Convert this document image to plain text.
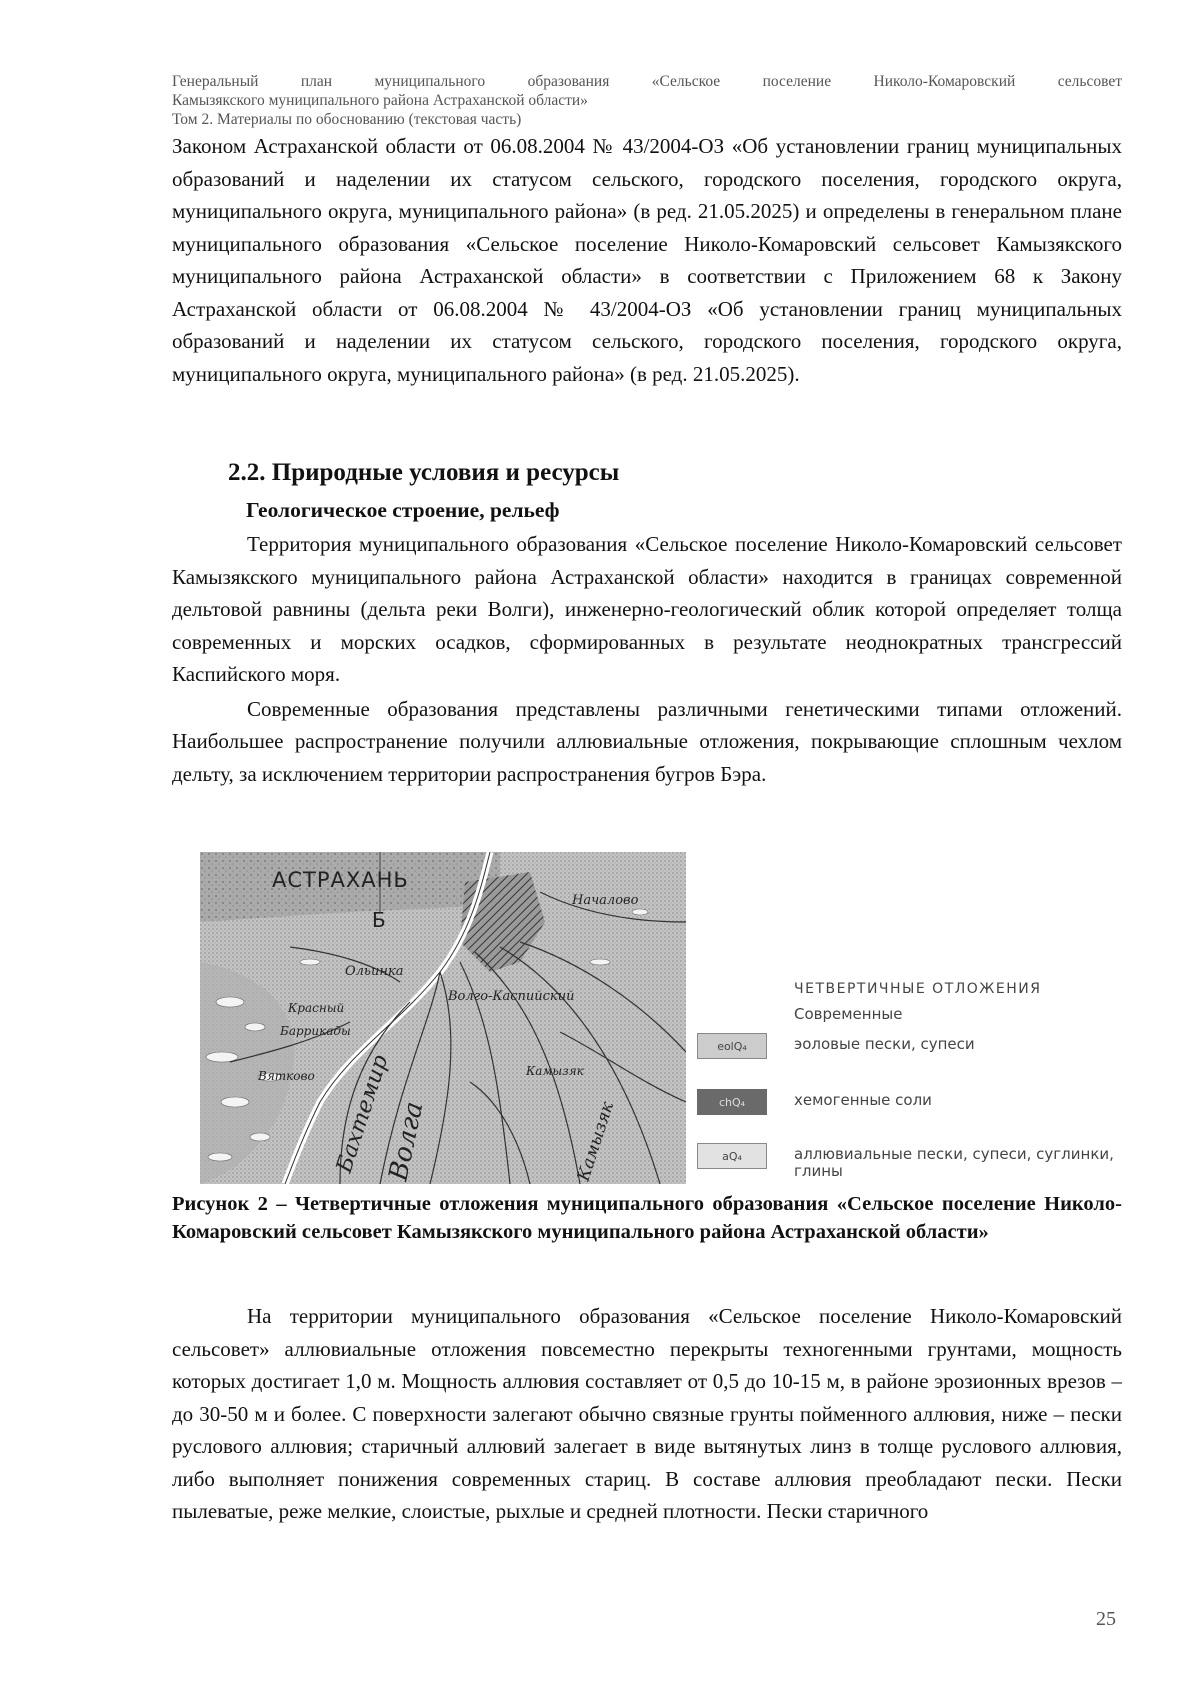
Генеральный план муниципального образования «Сельское поселение Николо-Комаровский сельсовет
Камызякского муниципального района Астраханской области»
Том 2. Материалы по обоснованию (текстовая часть)

Законом Астраханской области от 06.08.2004 № 43/2004-ОЗ «Об установлении границ муниципальных образований и наделении их статусом сельского, городского поселения, городского округа, муниципального округа, муниципального района» (в ред. 21.05.2025) и определены в генеральном плане муниципального образования «Сельское поселение Николо-Комаровский сельсовет Камызякского муниципального района Астраханской области» в соответствии с Приложением 68 к Закону Астраханской области от 06.08.2004 № 43/2004-ОЗ «Об установлении границ муниципальных образований и наделении их статусом сельского, городского поселения, городского округа, муниципального округа, муниципального района» (в ред. 21.05.2025).

2.2. Природные условия и ресурсы
Геологическое строение, рельеф

Территория муниципального образования «Сельское поселение Николо-Комаровский сельсовет Камызякского муниципального района Астраханской области» находится в границах современной дельтовой равнины (дельта реки Волги), инженерно-геологический облик которой определяет толща современных и морских осадков, сформированных в результате неоднократных трансгрессий Каспийского моря.

Современные образования представлены различными генетическими типами отложений. Наибольшее распространение получили аллювиальные отложения, покрывающие сплошным чехлом дельту, за исключением территории распространения бугров Бэра.

АСТРАХАНЬ
Б
Началово
Ольинка
Волго-Каспийский
Красный
Баррикады
Вятково	Камызяк
Бахтемир
Волга	Камызяк
ЧЕТВЕРТИЧНЫЕ ОТЛОЖЕНИЯ
Современные
eolQ₄	эоловые пески, супеси
chQ₄	хемогенные соли
aQ₄	аллювиальные пески, супеси, суглинки, глины

Рисунок 2 – Четвертичные отложения муниципального образования «Сельское поселение Николо-Комаровский сельсовет Камызякского муниципального района Астраханской области»

На территории муниципального образования «Сельское поселение Николо-Комаровский сельсовет» аллювиальные отложения повсеместно перекрыты техногенными грунтами, мощность которых достигает 1,0 м. Мощность аллювия составляет от 0,5 до 10-15 м, в районе эрозионных врезов – до 30-50 м и более. С поверхности залегают обычно связные грунты пойменного аллювия, ниже – пески руслового аллювия; старичный аллювий залегает в виде вытянутых линз в толще руслового аллювия, либо выполняет понижения современных стариц. В составе аллювия преобладают пески. Пески пылеватые, реже мелкие, слоистые, рыхлые и средней плотности. Пески старичного

25
